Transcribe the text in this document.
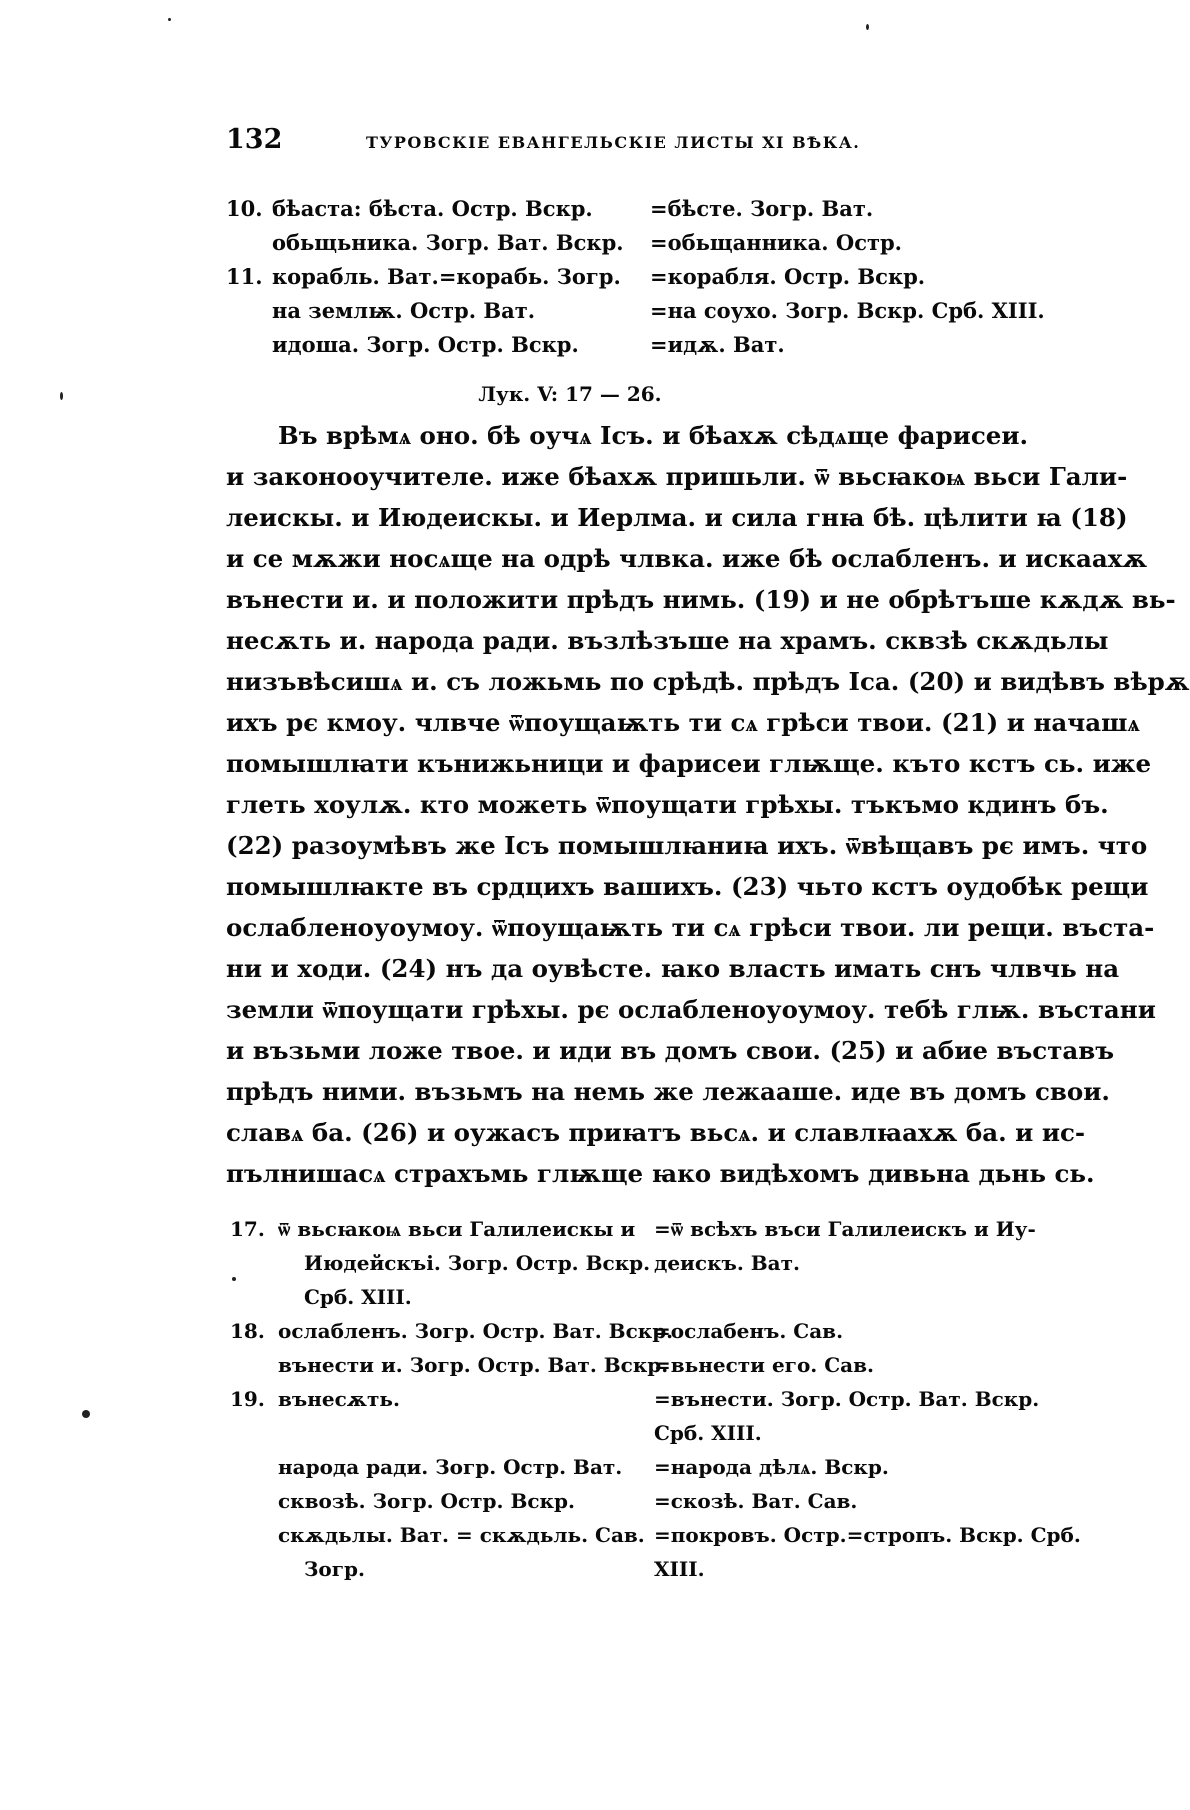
132	ТУРОВСКІЕ ЕВАНГЕЛЬСКІЕ ЛИСТЫ XI ВѢКА.
10. бѣаста: бѣста. Остр. Вскр.	=бѣсте. Зогр. Ват.
обьщьника. Зогр. Ват. Вскр. =обьщанника. Остр.
11. корабль. Ват.=корабь. Зогр. =корабля. Остр. Вскр.
на землѭ. Остр. Ват.	=на соухо. Зогр. Вскр. Срб. XIII.
идоша. Зогр. Остр. Вскр.	=идѫ. Ват.
Лук. V: 17 — 26.
Въ врѣмѧ оно. бѣ оучѧ Ісъ. и бѣахѫ сѣдѧще фарисеи.
и законооучителе. иже бѣахѫ пришьли. ѿ вьсꙗкоѩ вьси Гали-
леискы. и Июдеискы. и Иерлма. и сила гнꙗ бѣ. цѣлити ꙗ (18)
и се мѫжи носѧще на одрѣ члвка. иже бѣ ослабленъ. и искаахѫ
вънести и. и положити прѣдъ нимь. (19) и не обрѣтъше кѫдѫ вь-
несѫть и. народа ради. възлѣзъше на храмъ. сквзѣ скѫдьлы
низъвѣсишѧ и. съ ложьмь по срѣдѣ. прѣдъ Іса. (20) и видѣвъ вѣрѫ
ихъ рє кмоу. члвче ѿпоущаѭть ти сѧ грѣси твои. (21) и начашѧ
помышлꙗти кънижьници и фарисеи глѭще. къто кстъ сь. иже
глеть хоулѫ. кто можеть ѿпоущати грѣхы. тъкъмо кдинъ бъ.
(22) разоумѣвъ же Ісъ помышлꙗниꙗ ихъ. ѿвѣщавъ рє имъ. что
помышлꙗкте въ срдцихъ вашихъ. (23) чьто кстъ оудобѣк рещи
ослабленоуоумоу. ѿпоущаѭть ти сѧ грѣси твои. ли рещи. въста-
ни и ходи. (24) нъ да оувѣсте. ꙗко власть имать снъ члвчь на
земли ѿпоущати грѣхы. рє ослабленоуоумоу. тебѣ глѭ. въстани
и възьми ложе твое. и иди въ домъ свои. (25) и абие въставъ
прѣдъ ними. възьмъ на немь же лежааше. иде въ домъ свои.
славѧ ба. (26) и оужасъ приꙗтъ вьсѧ. и славлꙗахѫ ба. и ис-
пълнишасѧ страхъмь глѭще ꙗко видѣхомъ дивьна дьнь сь.
17. ѿ вьсꙗкоѩ вьси Галилеискы и =ѿ всѣхъ въси Галилеискъ и Иу-
Июдейскъі. Зогр. Остр. Вскр. деискъ. Ват.
Срб. XIII.
18. ослабленъ. Зогр. Остр. Ват. Вскр.
=ослабенъ. Сав.
вънести и. Зогр. Остр. Ват. Вскр.
=вьнести его. Сав.
19. вънесѫть.	=вънести. Зогр. Остр. Ват. Вскр.
Срб. XIII.
народа ради. Зогр. Остр. Ват. =народа дѣлѧ. Вскр.
сквозѣ. Зогр. Остр. Вскр.	=скозѣ. Ват. Сав.
скѫдьлы. Ват. = скѫдьль. Сав. =покровъ. Остр.=стропъ. Вскр. Срб.
Зогр.	XIII.
